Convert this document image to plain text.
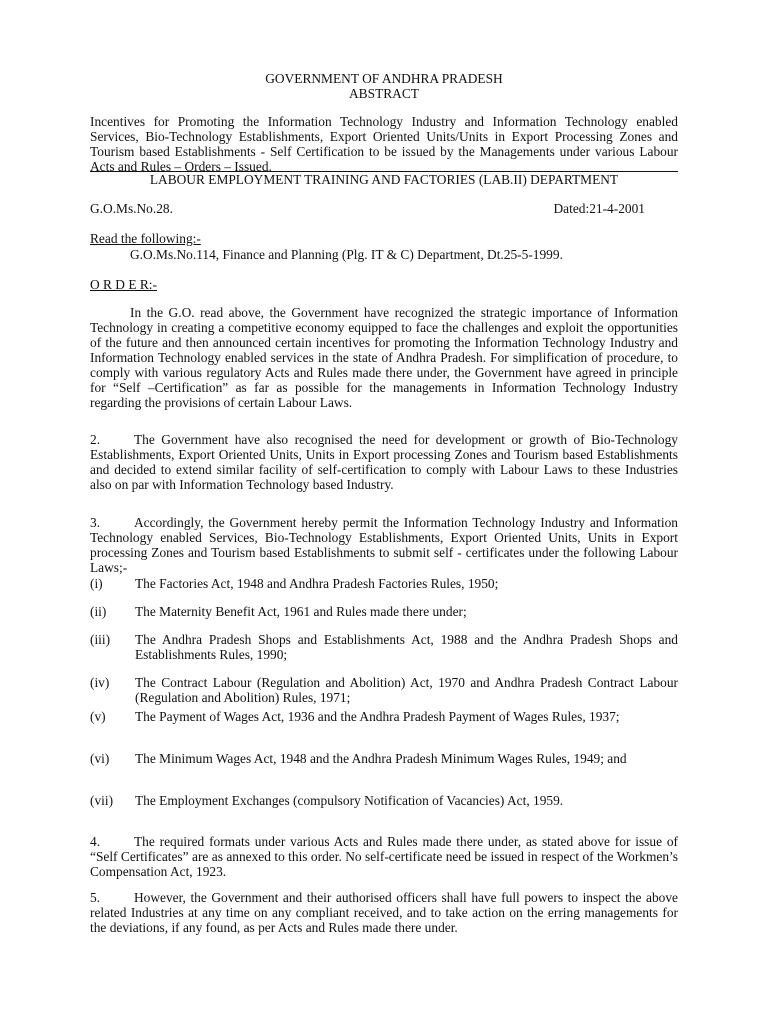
GOVERNMENT OF ANDHRA PRADESH
ABSTRACT
Incentives for Promoting the Information Technology Industry and Information Technology enabled Services, Bio-Technology Establishments, Export Oriented Units/Units in Export Processing Zones and Tourism based Establishments - Self Certification to be issued by the Managements under various Labour Acts and Rules – Orders – Issued.
LABOUR EMPLOYMENT TRAINING AND FACTORIES (LAB.II) DEPARTMENT
G.O.Ms.No.28.	Dated:21-4-2001
Read the following:-
G.O.Ms.No.114, Finance and Planning (Plg. IT & C) Department, Dt.25-5-1999.
O R D E R:-
In the G.O. read above, the Government have recognized the strategic importance of Information Technology in creating a competitive economy equipped to face the challenges and exploit the opportunities of the future and then announced certain incentives for promoting the Information Technology Industry and Information Technology enabled services in the state of Andhra Pradesh. For simplification of procedure, to comply with various regulatory Acts and Rules made there under, the Government have agreed in principle for “Self –Certification” as far as possible for the managements in Information Technology Industry regarding the provisions of certain Labour Laws.
2.	The Government have also recognised the need for development or growth of Bio-Technology Establishments, Export Oriented Units, Units in Export processing Zones and Tourism based Establishments and decided to extend similar facility of self-certification to comply with Labour Laws to these Industries also on par with Information Technology based Industry.
3.	Accordingly, the Government hereby permit the Information Technology Industry and Information Technology enabled Services, Bio-Technology Establishments, Export Oriented Units, Units in Export processing Zones and Tourism based Establishments to submit self - certificates under the following Labour Laws;-
(i)	The Factories Act, 1948 and Andhra Pradesh Factories Rules, 1950;
(ii)	The Maternity Benefit Act, 1961 and Rules made there under;
(iii)	The Andhra Pradesh Shops and Establishments Act, 1988 and the Andhra Pradesh Shops and Establishments Rules, 1990;
(iv)	The Contract Labour (Regulation and Abolition) Act, 1970 and Andhra Pradesh Contract Labour (Regulation and Abolition) Rules, 1971;
(v)	The Payment of Wages Act, 1936 and the Andhra Pradesh Payment of Wages Rules, 1937;
(vi)	The Minimum Wages Act, 1948 and the Andhra Pradesh Minimum Wages Rules, 1949; and
(vii)	The Employment Exchanges (compulsory Notification of Vacancies) Act, 1959.
4.	The required formats under various Acts and Rules made there under, as stated above for issue of “Self Certificates” are as annexed to this order. No self-certificate need be issued in respect of the Workmen’s Compensation Act, 1923.
5.	However, the Government and their authorised officers shall have full powers to inspect the above related Industries at any time on any compliant received, and to take action on the erring managements for the deviations, if any found, as per Acts and Rules made there under.
